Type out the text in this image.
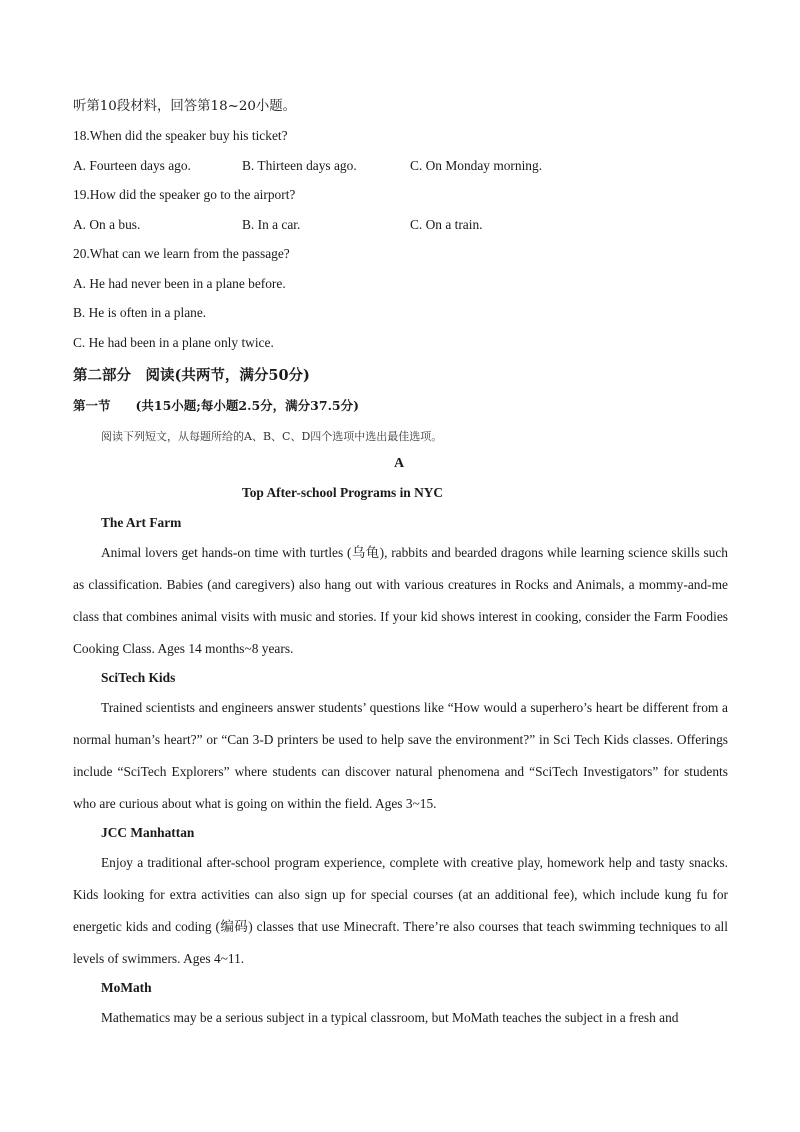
听第10段材料，回答第18~20小题。
18.When did the speaker buy his ticket?
A. Fourteen days ago.	B. Thirteen days ago.	C. On Monday morning.
19.How did the speaker go to the airport?
A. On a bus.	B. In a car.	C. On a train.
20.What can we learn from the passage?
A. He had never been in a plane before.
B. He is often in a plane.
C. He had been in a plane only twice.
第二部分　阅读(共两节，满分50分)
第一节　　(共15小题;每小题2.5分，满分37.5分)
阅读下列短文，从每题所给的A、B、C、D四个选项中选出最佳选项。
A
Top After-school Programs in NYC
The Art Farm
Animal lovers get hands-on time with turtles (乌龟), rabbits and bearded dragons while learning science skills such as classification. Babies (and caregivers) also hang out with various creatures in Rocks and Animals, a mommy-and-me class that combines animal visits with music and stories. If your kid shows interest in cooking, consider the Farm Foodies Cooking Class. Ages 14 months~8 years.
SciTech Kids
Trained scientists and engineers answer students’ questions like “How would a superhero’s heart be different from a normal human’s heart?” or “Can 3-D printers be used to help save the environment?” in Sci Tech Kids classes. Offerings include “SciTech Explorers” where students can discover natural phenomena and “SciTech Investigators” for students who are curious about what is going on within the field. Ages 3~15.
JCC Manhattan
Enjoy a traditional after-school program experience, complete with creative play, homework help and tasty snacks. Kids looking for extra activities can also sign up for special courses (at an additional fee), which include kung fu for energetic kids and coding (编码) classes that use Minecraft. There’re also courses that teach swimming techniques to all levels of swimmers. Ages 4~11.
MoMath
Mathematics may be a serious subject in a typical classroom, but MoMath teaches the subject in a fresh and
